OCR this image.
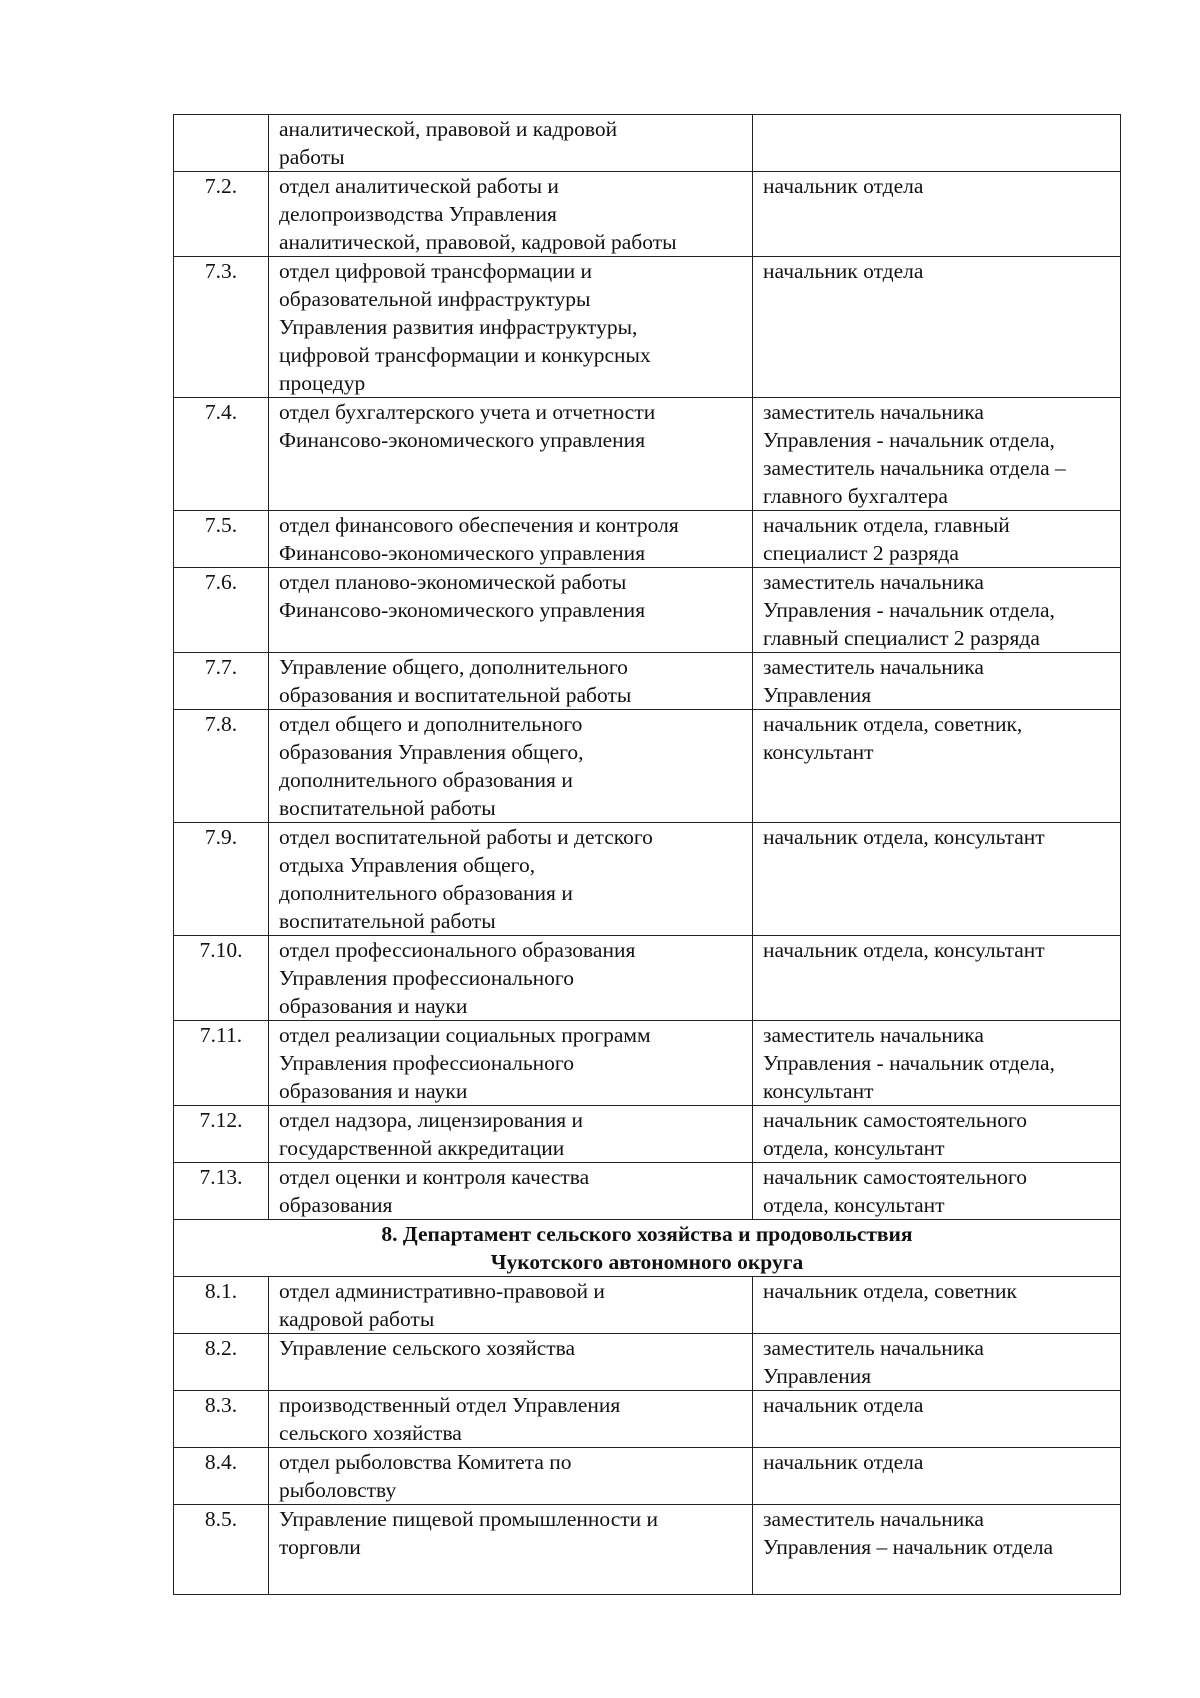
	аналитической, правовой и кадровой
работы	
7.2.	отдел аналитической работы и
делопроизводства Управления
аналитической, правовой, кадровой работы	начальник отдела
7.3.	отдел цифровой трансформации и
образовательной инфраструктуры
Управления развития инфраструктуры,
цифровой трансформации и конкурсных
процедур	начальник отдела
7.4.	отдел бухгалтерского учета и отчетности
Финансово-экономического управления	заместитель начальника
Управления - начальник отдела,
заместитель начальника отдела –
главного бухгалтера
7.5.	отдел финансового обеспечения и контроля
Финансово-экономического управления	начальник отдела, главный
специалист 2 разряда
7.6.	отдел планово-экономической работы
Финансово-экономического управления	заместитель начальника
Управления - начальник отдела,
главный специалист 2 разряда
7.7.	Управление общего, дополнительного
образования и воспитательной работы	заместитель начальника
Управления
7.8.	отдел общего и дополнительного
образования Управления общего,
дополнительного образования и
воспитательной работы	начальник отдела, советник,
консультант
7.9.	отдел воспитательной работы и детского
отдыха Управления общего,
дополнительного образования и
воспитательной работы	начальник отдела, консультант
7.10.	отдел профессионального образования
Управления профессионального
образования и науки	начальник отдела, консультант
7.11.	отдел реализации социальных программ
Управления профессионального
образования и науки	заместитель начальника
Управления - начальник отдела,
консультант
7.12.	отдел надзора, лицензирования и
государственной аккредитации	начальник самостоятельного
отдела, консультант
7.13.	отдел оценки и контроля качества
образования	начальник самостоятельного
отдела, консультант
8. Департамент сельского хозяйства и продовольствия
Чукотского автономного округа		
8.1.	отдел административно-правовой и
кадровой работы	начальник отдела, советник
8.2.	Управление сельского хозяйства	заместитель начальника
Управления
8.3.	производственный отдел Управления
сельского хозяйства	начальник отдела
8.4.	отдел рыболовства Комитета по
рыболовству	начальник отдела
8.5.	Управление пищевой промышленности и
торговли	заместитель начальника
Управления – начальник отдела
